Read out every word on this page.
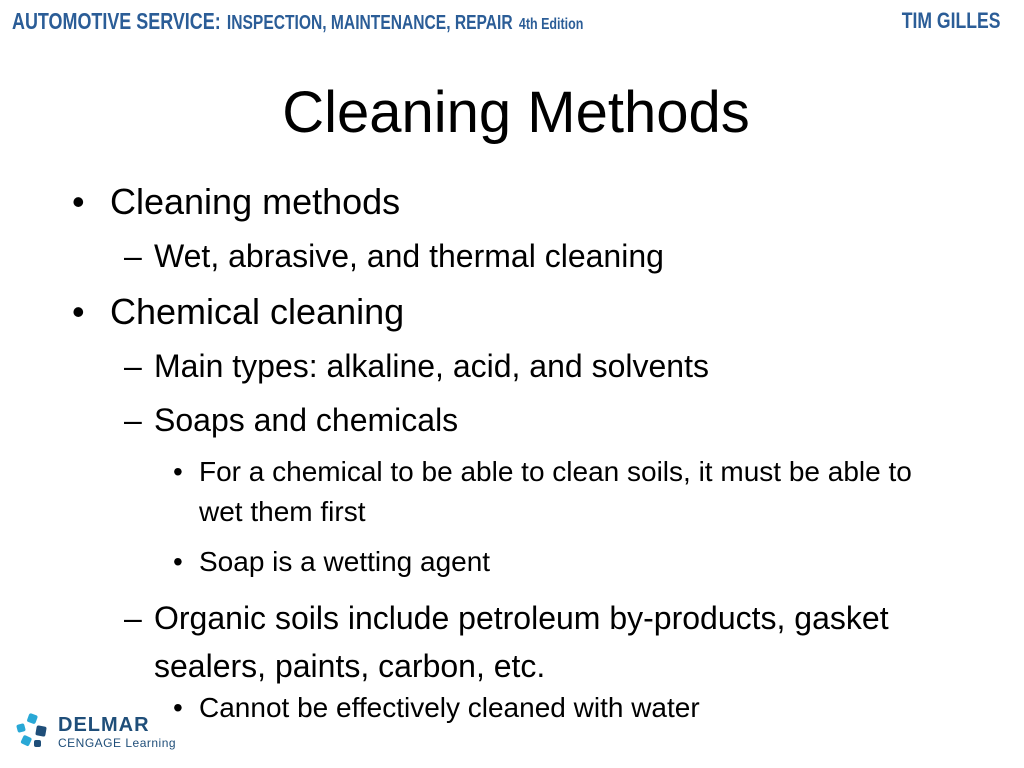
AUTOMOTIVE SERVICE: INSPECTION, MAINTENANCE, REPAIR 4th Edition	TIM GILLES
Cleaning Methods
• Cleaning methods
– Wet, abrasive, and thermal cleaning
• Chemical cleaning
– Main types: alkaline, acid, and solvents
– Soaps and chemicals
• For a chemical to be able to clean soils, it must be able to wet them first
• Soap is a wetting agent
– Organic soils include petroleum by-products, gasket sealers, paints, carbon, etc.
• Cannot be effectively cleaned with water
DELMAR
CENGAGE Learning
